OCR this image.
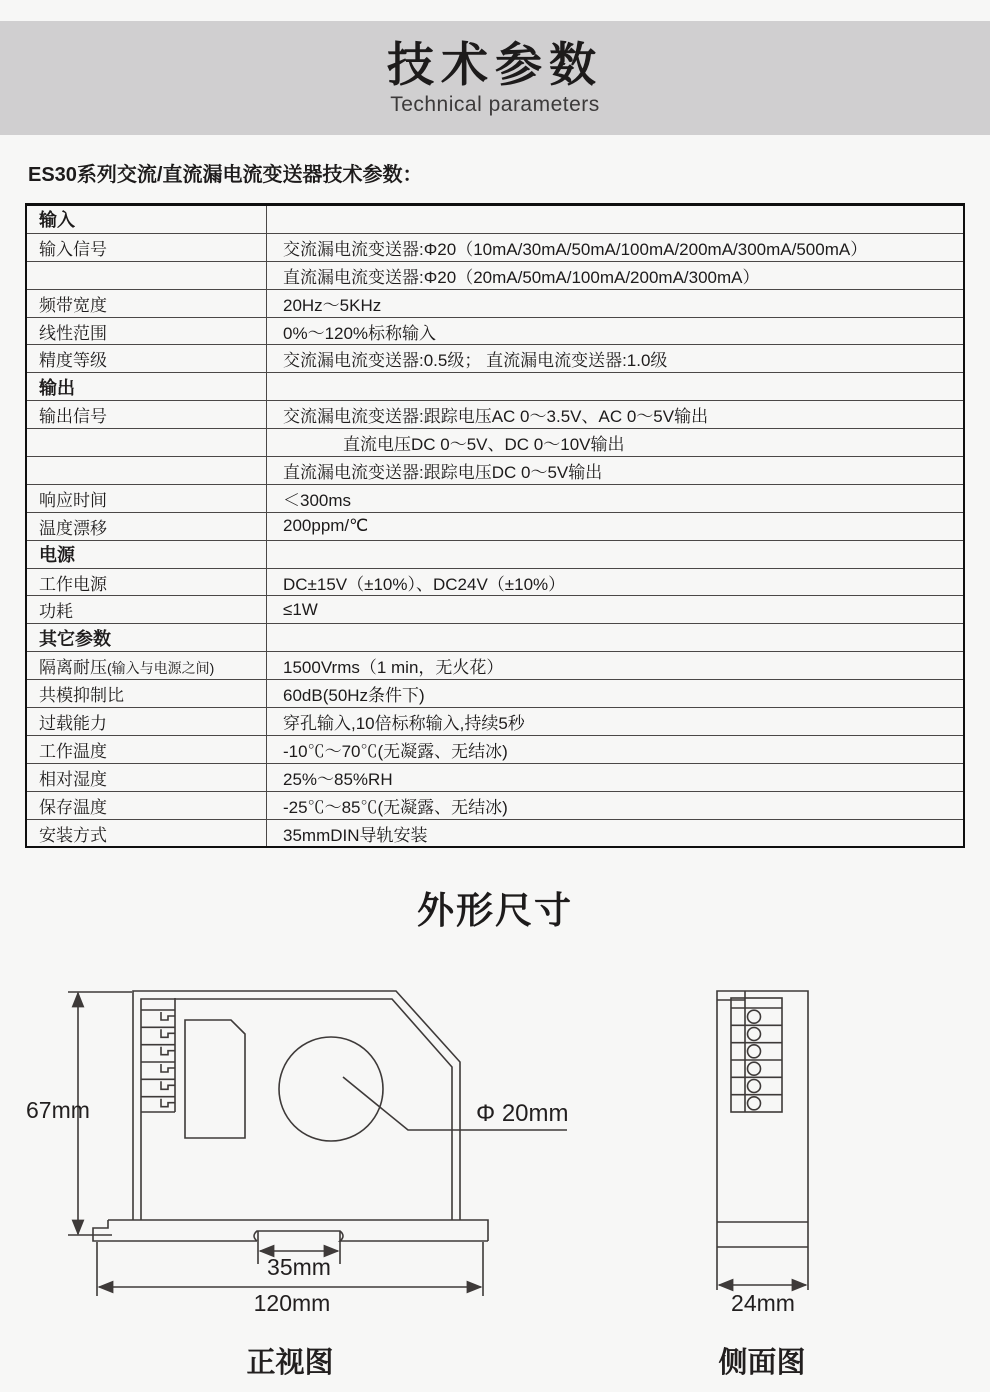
技术参数
Technical parameters
ES30系列交流/直流漏电流变送器技术参数：
输入	
输入信号	交流漏电流变送器:Φ20（10mA/30mA/50mA/100mA/200mA/300mA/500mA）
	直流漏电流变送器:Φ20（20mA/50mA/100mA/200mA/300mA）
频带宽度	20Hz～5KHz
线性范围	0%～120%标称输入
精度等级	交流漏电流变送器:0.5级； 直流漏电流变送器:1.0级
输出	
输出信号	交流漏电流变送器:跟踪电压AC 0～3.5V、AC 0～5V输出
	直流电压DC 0～5V、DC 0～10V输出
	直流漏电流变送器:跟踪电压DC 0～5V输出
响应时间	＜300ms
温度漂移	200ppm/℃
电源	
工作电源	DC±15V（±10%）、DC24V（±10%）
功耗	≤1W
其它参数	
隔离耐压(输入与电源之间)	1500Vrms（1 min，无火花）
共模抑制比	60dB(50Hz条件下)
过载能力	穿孔输入,10倍标称输入,持续5秒
工作温度	-10℃～70℃(无凝露、无结冰)
相对湿度	25%～85%RH
保存温度	-25℃～85℃(无凝露、无结冰)
安装方式	35mmDIN导轨安装
外形尺寸
67mm	Φ 20mm
35mm
120mm
正视图
24mm
侧面图
